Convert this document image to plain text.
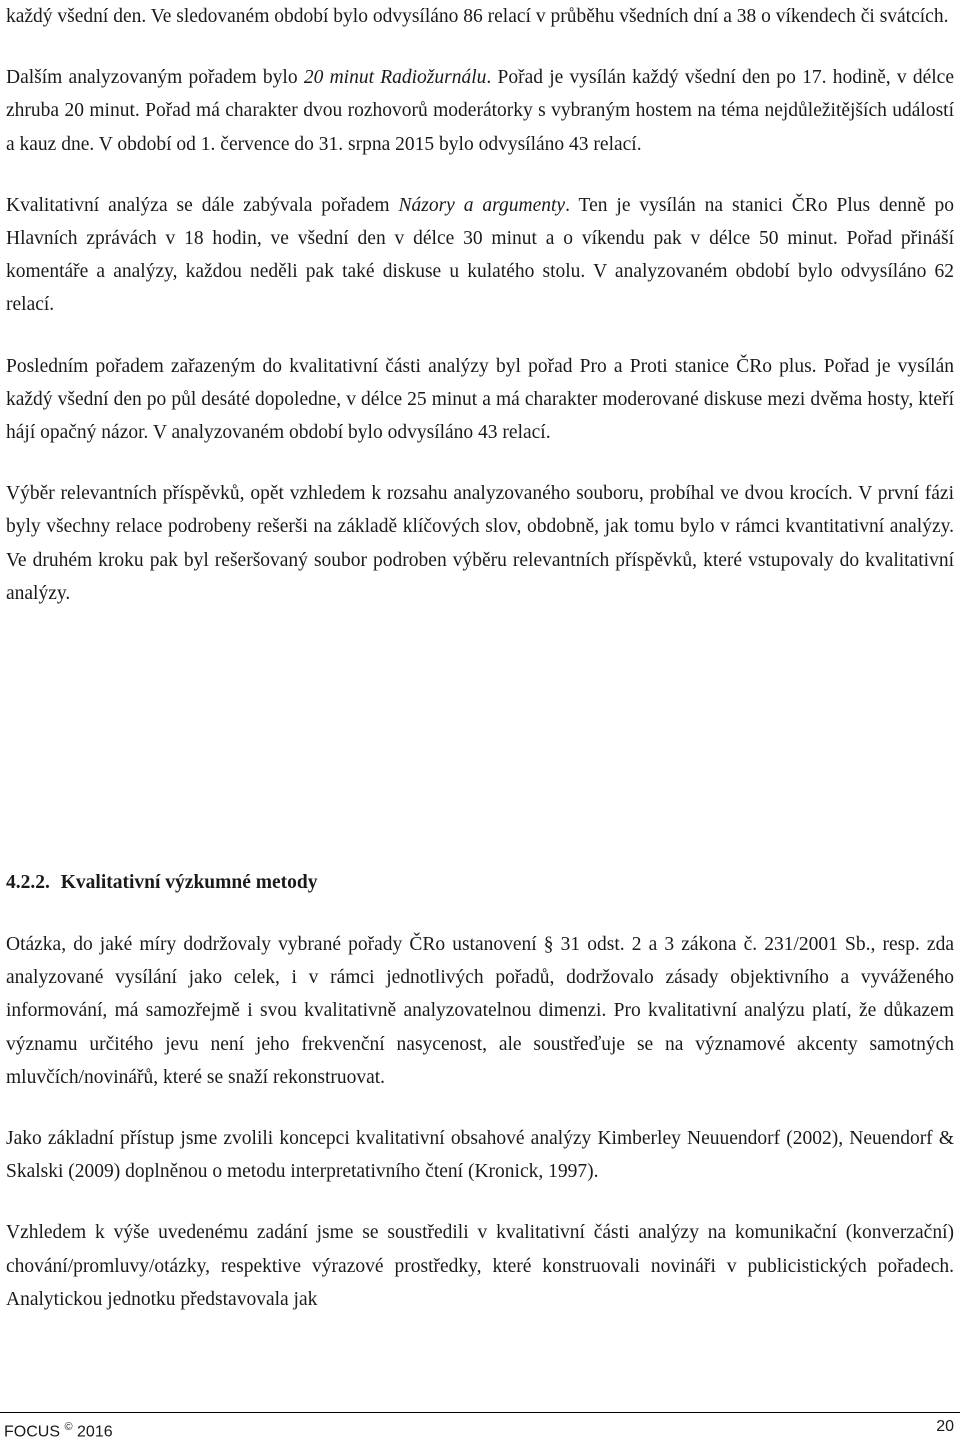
každý všední den. Ve sledovaném období bylo odvysíláno 86 relací v průběhu všedních dní a 38 o víkendech či svátcích.

Dalším analyzovaným pořadem bylo 20 minut Radiožurnálu. Pořad je vysílán každý všední den po 17. hodině, v délce zhruba 20 minut. Pořad má charakter dvou rozhovorů moderátorky s vybraným hostem na téma nejdůležitějších událostí a kauz dne. V období od 1. července do 31. srpna 2015 bylo odvysíláno 43 relací.

Kvalitativní analýza se dále zabývala pořadem Názory a argumenty. Ten je vysílán na stanici ČRo Plus denně po Hlavních zprávách v 18 hodin, ve všední den v délce 30 minut a o víkendu pak v délce 50 minut. Pořad přináší komentáře a analýzy, každou neděli pak také diskuse u kulatého stolu. V analyzovaném období bylo odvysíláno 62 relací.

Posledním pořadem zařazeným do kvalitativní části analýzy byl pořad Pro a Proti stanice ČRo plus. Pořad je vysílán každý všední den po půl desáté dopoledne, v délce 25 minut a má charakter moderované diskuse mezi dvěma hosty, kteří hájí opačný názor. V analyzovaném období bylo odvysíláno 43 relací.

Výběr relevantních příspěvků, opět vzhledem k rozsahu analyzovaného souboru, probíhal ve dvou krocích. V první fázi byly všechny relace podrobeny rešerši na základě klíčových slov, obdobně, jak tomu bylo v rámci kvantitativní analýzy. Ve druhém kroku pak byl rešeršovaný soubor podroben výběru relevantních příspěvků, které vstupovaly do kvalitativní analýzy.

4.2.2. Kvalitativní výzkumné metody

Otázka, do jaké míry dodržovaly vybrané pořady ČRo ustanovení § 31 odst. 2 a 3 zákona č. 231/2001 Sb., resp. zda analyzované vysílání jako celek, i v rámci jednotlivých pořadů, dodržovalo zásady objektivního a vyváženého informování, má samozřejmě i svou kvalitativně analyzovatelnou dimenzi. Pro kvalitativní analýzu platí, že důkazem významu určitého jevu není jeho frekvenční nasycenost, ale soustřeďuje se na významové akcenty samotných mluvčích/novinářů, které se snaží rekonstruovat.

Jako základní přístup jsme zvolili koncepci kvalitativní obsahové analýzy Kimberley Neuuendorf (2002), Neuendorf & Skalski (2009) doplněnou o metodu interpretativního čtení (Kronick, 1997).

Vzhledem k výše uvedenému zadání jsme se soustředili v kvalitativní části analýzy na komunikační (konverzační) chování/promluvy/otázky, respektive výrazové prostředky, které konstruovali novináři v publicistických pořadech. Analytickou jednotku představovala jak

FOCUS © 2016	20
